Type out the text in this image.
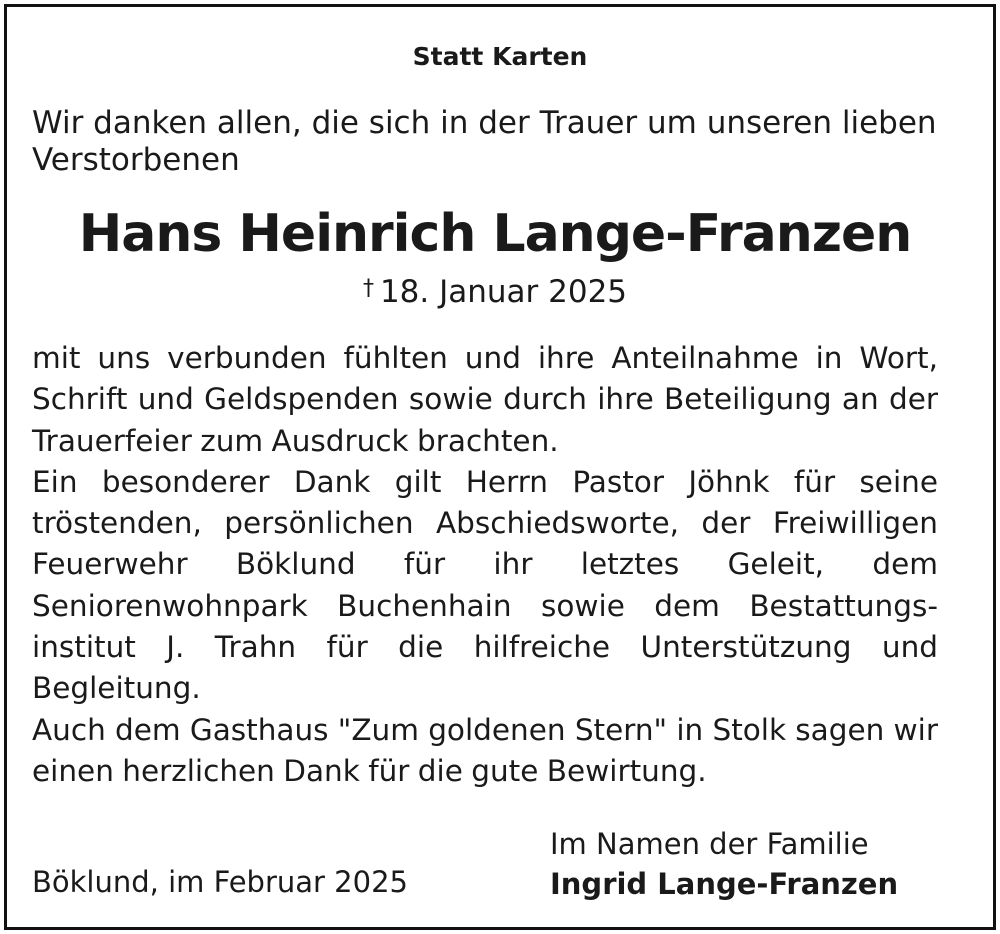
Statt Karten
Wir danken allen, die sich in der Trauer um unseren lieben Verstorbenen
Hans Heinrich Lange-Franzen
† 18. Januar 2025

mit uns verbunden fühlten und ihre Anteilnahme in Wort, Schrift und Geldspenden sowie durch ihre Beteiligung an der Trauerfeier zum Ausdruck brachten.

Ein besonderer Dank gilt Herrn Pastor Jöhnk für seine tröstenden, persönlichen Abschiedsworte, der Freiwilligen Feuerwehr Böklund für ihr letztes Geleit, dem Seniorenwohnpark Buchenhain sowie dem Bestattungsinstitut J. Trahn für die hilfreiche Unterstützung und Begleitung.

Auch dem Gasthaus "Zum goldenen Stern" in Stolk sagen wir einen herzlichen Dank für die gute Bewirtung.

Im Namen der Familie
Ingrid Lange-Franzen
Böklund, im Februar 2025
